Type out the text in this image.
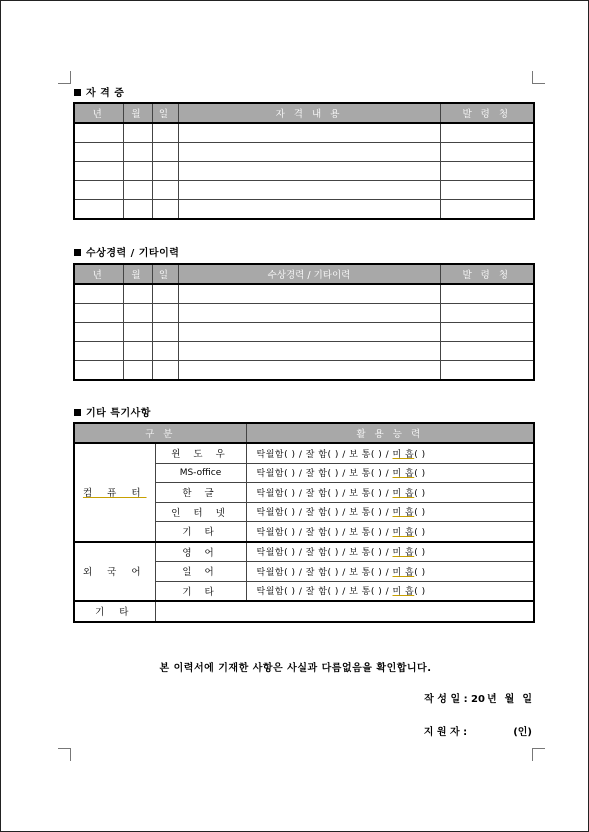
자 격 증
년	월	일	자 격 내 용	발 령 청

수상경력 / 기타이력
년	월	일	수상경력 / 기타이력	발 령 청

기타 특기사항
구 분		활 용 능 력
컴 퓨 터	윈 도 우	탁월함( ) / 잘 함( ) / 보 통( ) / 미 흡( )
	MS-office	탁월함( ) / 잘 함( ) / 보 통( ) / 미 흡( )
	한 글	탁월함( ) / 잘 함( ) / 보 통( ) / 미 흡( )
	인 터 넷	탁월함( ) / 잘 함( ) / 보 통( ) / 미 흡( )
	기 타	탁월함( ) / 잘 함( ) / 보 통( ) / 미 흡( )
외 국 어	영 어	탁월함( ) / 잘 함( ) / 보 통( ) / 미 흡( )
	일 어	탁월함( ) / 잘 함( ) / 보 통( ) / 미 흡( )
	기 타	탁월함( ) / 잘 함( ) / 보 통( ) / 미 흡( )
기 타		
본 이력서에 기재한 사항은 사실과 다름없음을 확인합니다.
작 성 일 : 20 년 월 일
지 원 자 :	(인)
